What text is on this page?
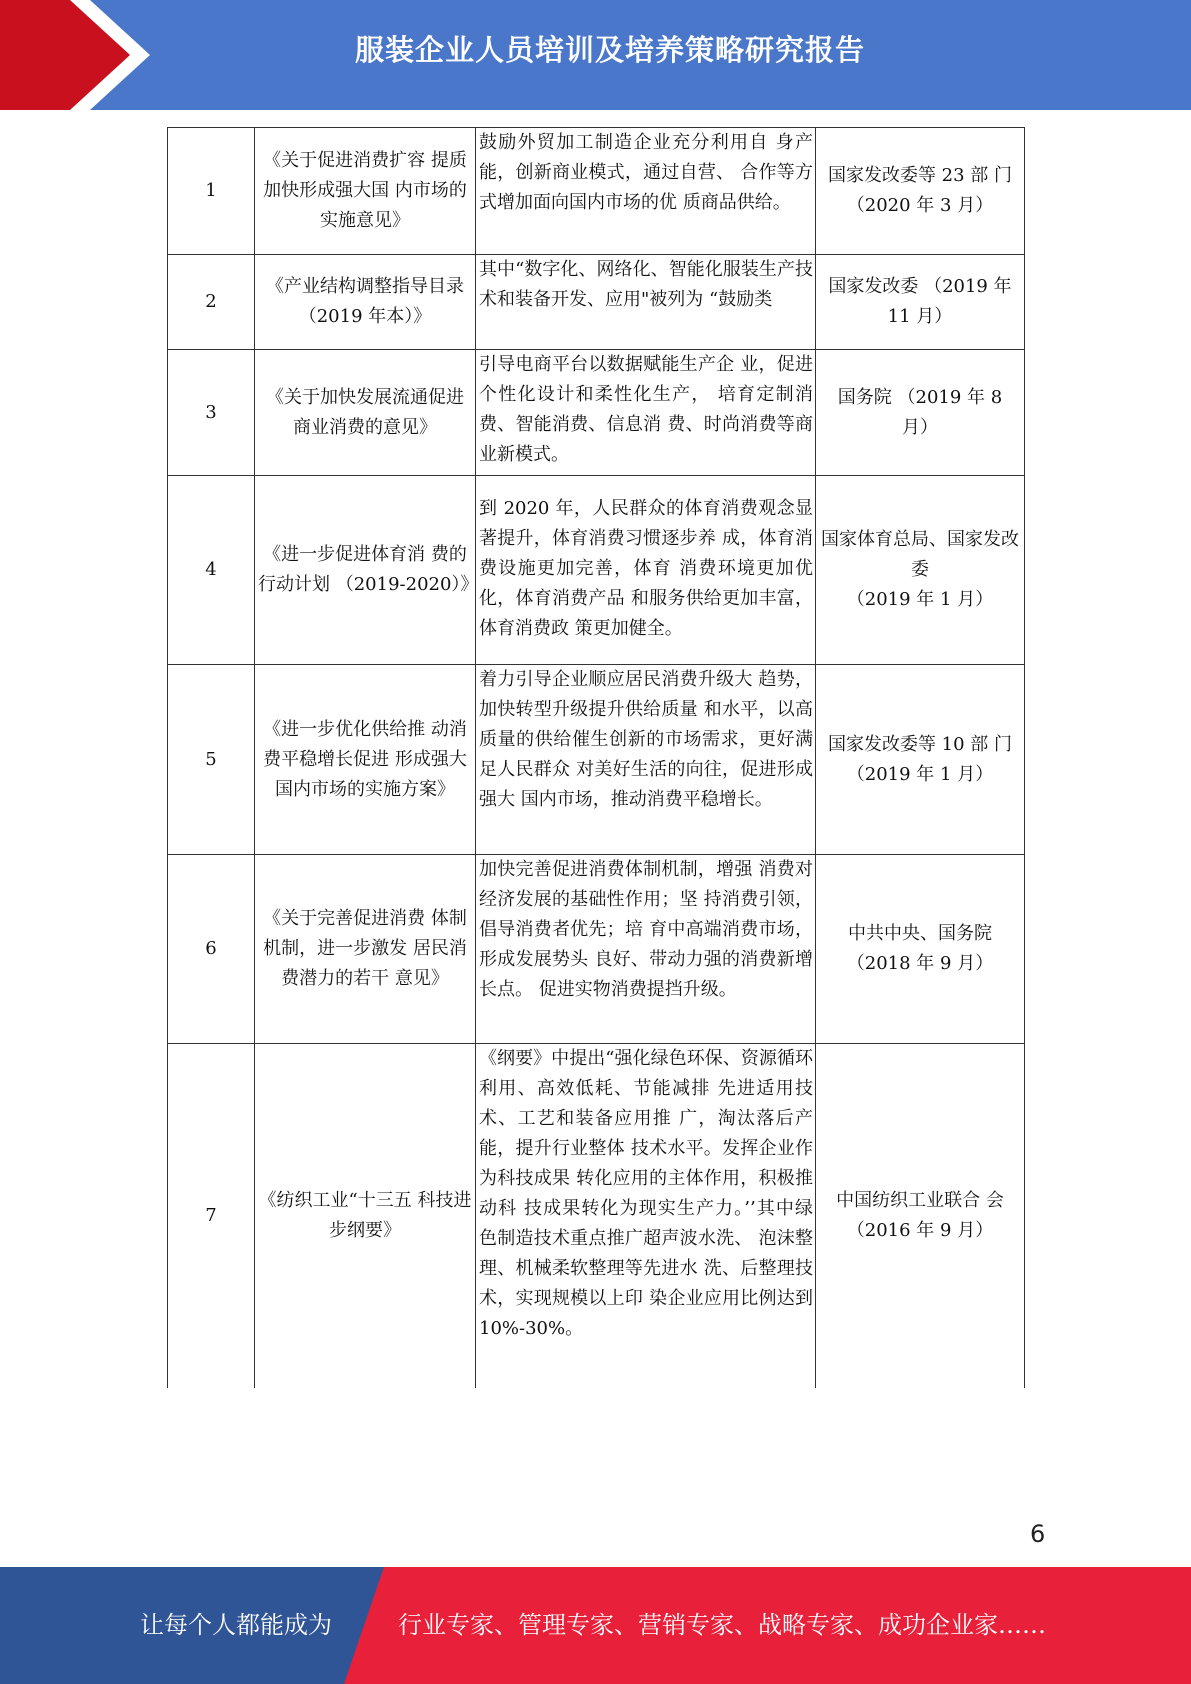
服装企业人员培训及培养策略研究报告
1	《关于促进消费扩容 提质加快形成强大国 内市场的实施意见》	鼓励外贸加工制造企业充分利用自 身产能，创新商业模式，通过自营、 合作等方式增加面向国内市场的优 质商品供给。	国家发改委等 23 部 门
（2020 年 3 月）

2	《产业结构调整指导目录（2019 年本）》	其中“数字化、网络化、智能化服装生产技术和装备开发、应用"被列为 “鼓励类	国家发改委 （2019 年
11 月）

3	《关于加快发展流通促进商业消费的意见》	引导电商平台以数据赋能生产企 业，促进个性化设计和柔性化生产， 培育定制消费、智能消费、信息消 费、时尚消费等商业新模式。	国务院 （2019 年 8
月）

4	《进一步促进体育消 费的行动计划 （2019-2020）》	到 2020 年，人民群众的体育消费观念显著提升，体育消费习惯逐步养 成，体育消费设施更加完善，体育 消费环境更加优化，体育消费产品 和服务供给更加丰富，体育消费政 策更加健全。	国家体育总局、国家发改委
（2019 年 1 月）

5	《进一步优化供给推 动消费平稳增长促进 形成强大国内市场的实施方案》	着力引导企业顺应居民消费升级大 趋势，加快转型升级提升供给质量 和水平，以高质量的供给催生创新的市场需求，更好满足人民群众 对美好生活的向往，促进形成强大 国内市场，推动消费平稳增长。	国家发改委等 10 部 门
（2019 年 1 月）

6	《关于完善促进消费 体制机制，进一步激发 居民消费潜力的若干 意见》	加快完善促进消费体制机制，增强 消费对经济发展的基础性作用；坚 持消费引领，倡导消费者优先；培 育中高端消费市场，形成发展势头 良好、带动力强的消费新增长点。 促进实物消费提挡升级。	中共中央、国务院
（2018 年 9 月）

7	《纺织工业“十三五 科技进步纲要》	《纲要》中提出“强化绿色环保、资源循环利用、高效低耗、节能减排 先进适用技术、工艺和装备应用推 广，淘汰落后产能，提升行业整体 技术水平。发挥企业作为科技成果 转化应用的主体作用，积极推动科 技成果转化为现实生产力。’’其中绿 色制造技术重点推广超声波水洗、 泡沫整理、机械柔软整理等先进水 洗、后整理技术，实现规模以上印 染企业应用比例达到 10%-30%。	中国纺织工业联合 会
（2016 年 9 月）
6
让每个人都能成为	行业专家、管理专家、营销专家、战略专家、成功企业家……
